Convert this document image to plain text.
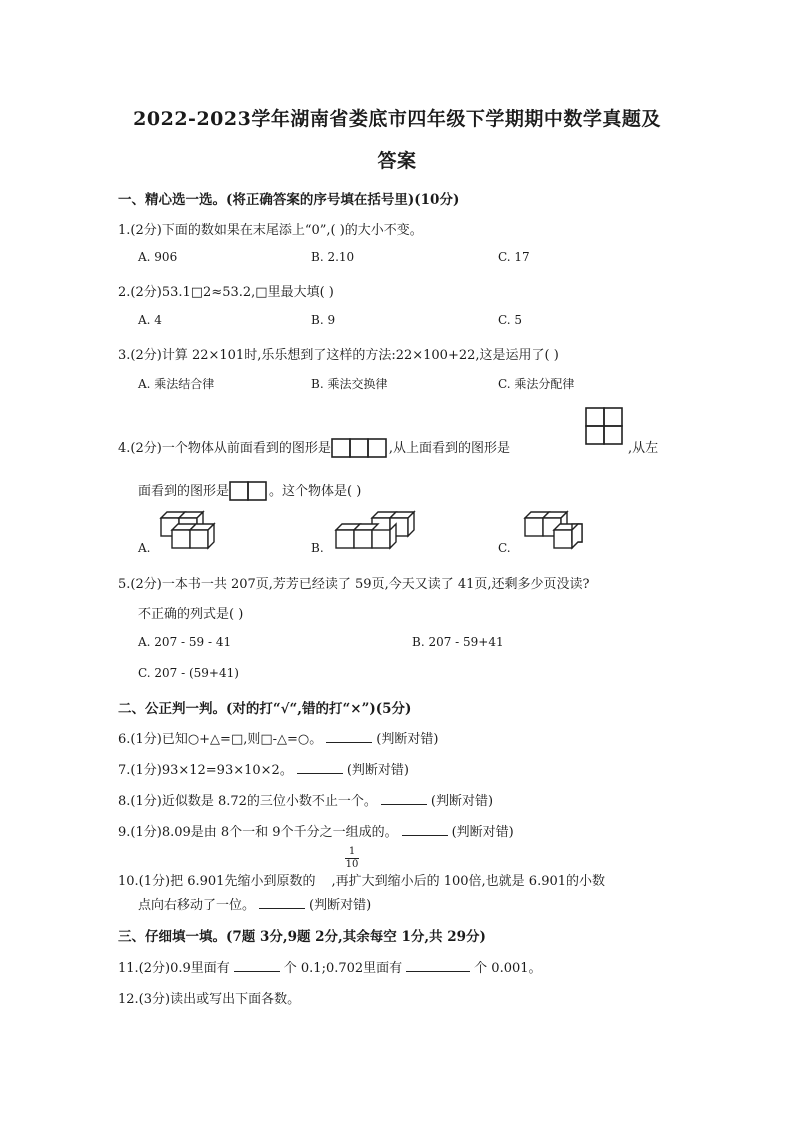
2022-2023学年湖南省娄底市四年级下学期期中数学真题及
答案
一、精心选一选。(将正确答案的序号填在括号里)(10分)
1.(2分)下面的数如果在末尾添上“0”,( )的大小不变。
A. 906	B. 2.10	C. 17
2.(2分)53.1□2≈53.2,□里最大填( )
A. 4	B. 9	C. 5
3.(2分)计算 22×101时,乐乐想到了这样的方法:22×100+22,这是运用了( )
A. 乘法结合律	B. 乘法交换律	C. 乘法分配律
4.(2分)一个物体从前面看到的图形是	,从上面看到的图形是	,从左
面看到的图形是	。这个物体是( )
A.	B.	C.
5.(2分)一本书一共 207页,芳芳已经读了 59页,今天又读了 41页,还剩多少页没读?
不正确的列式是( )
A. 207 - 59 - 41	B. 207 - 59+41
C. 207 - (59+41)
二、公正判一判。(对的打“√“,错的打“×”)(5分)
6.(1分)已知○+△=□,则□-△=○。	(判断对错)
7.(1分)93×12=93×10×2。	(判断对错)
8.(1分)近似数是 8.72的三位小数不止一个。	(判断对错)
9.(1分)8.09是由 8个一和 9个千分之一组成的。	(判断对错)
10.(1分)把 6.901先缩小到原数的 ,再扩大到缩小后的 100倍,也就是 6.901的小数
$\frac{1}{10}$
点向右移动了一位。	(判断对错)
三、仔细填一填。(7题 3分,9题 2分,其余每空 1分,共 29分)
11.(2分)0.9里面有	个 0.1;0.702里面有	个 0.001。
12.(3分)读出或写出下面各数。
